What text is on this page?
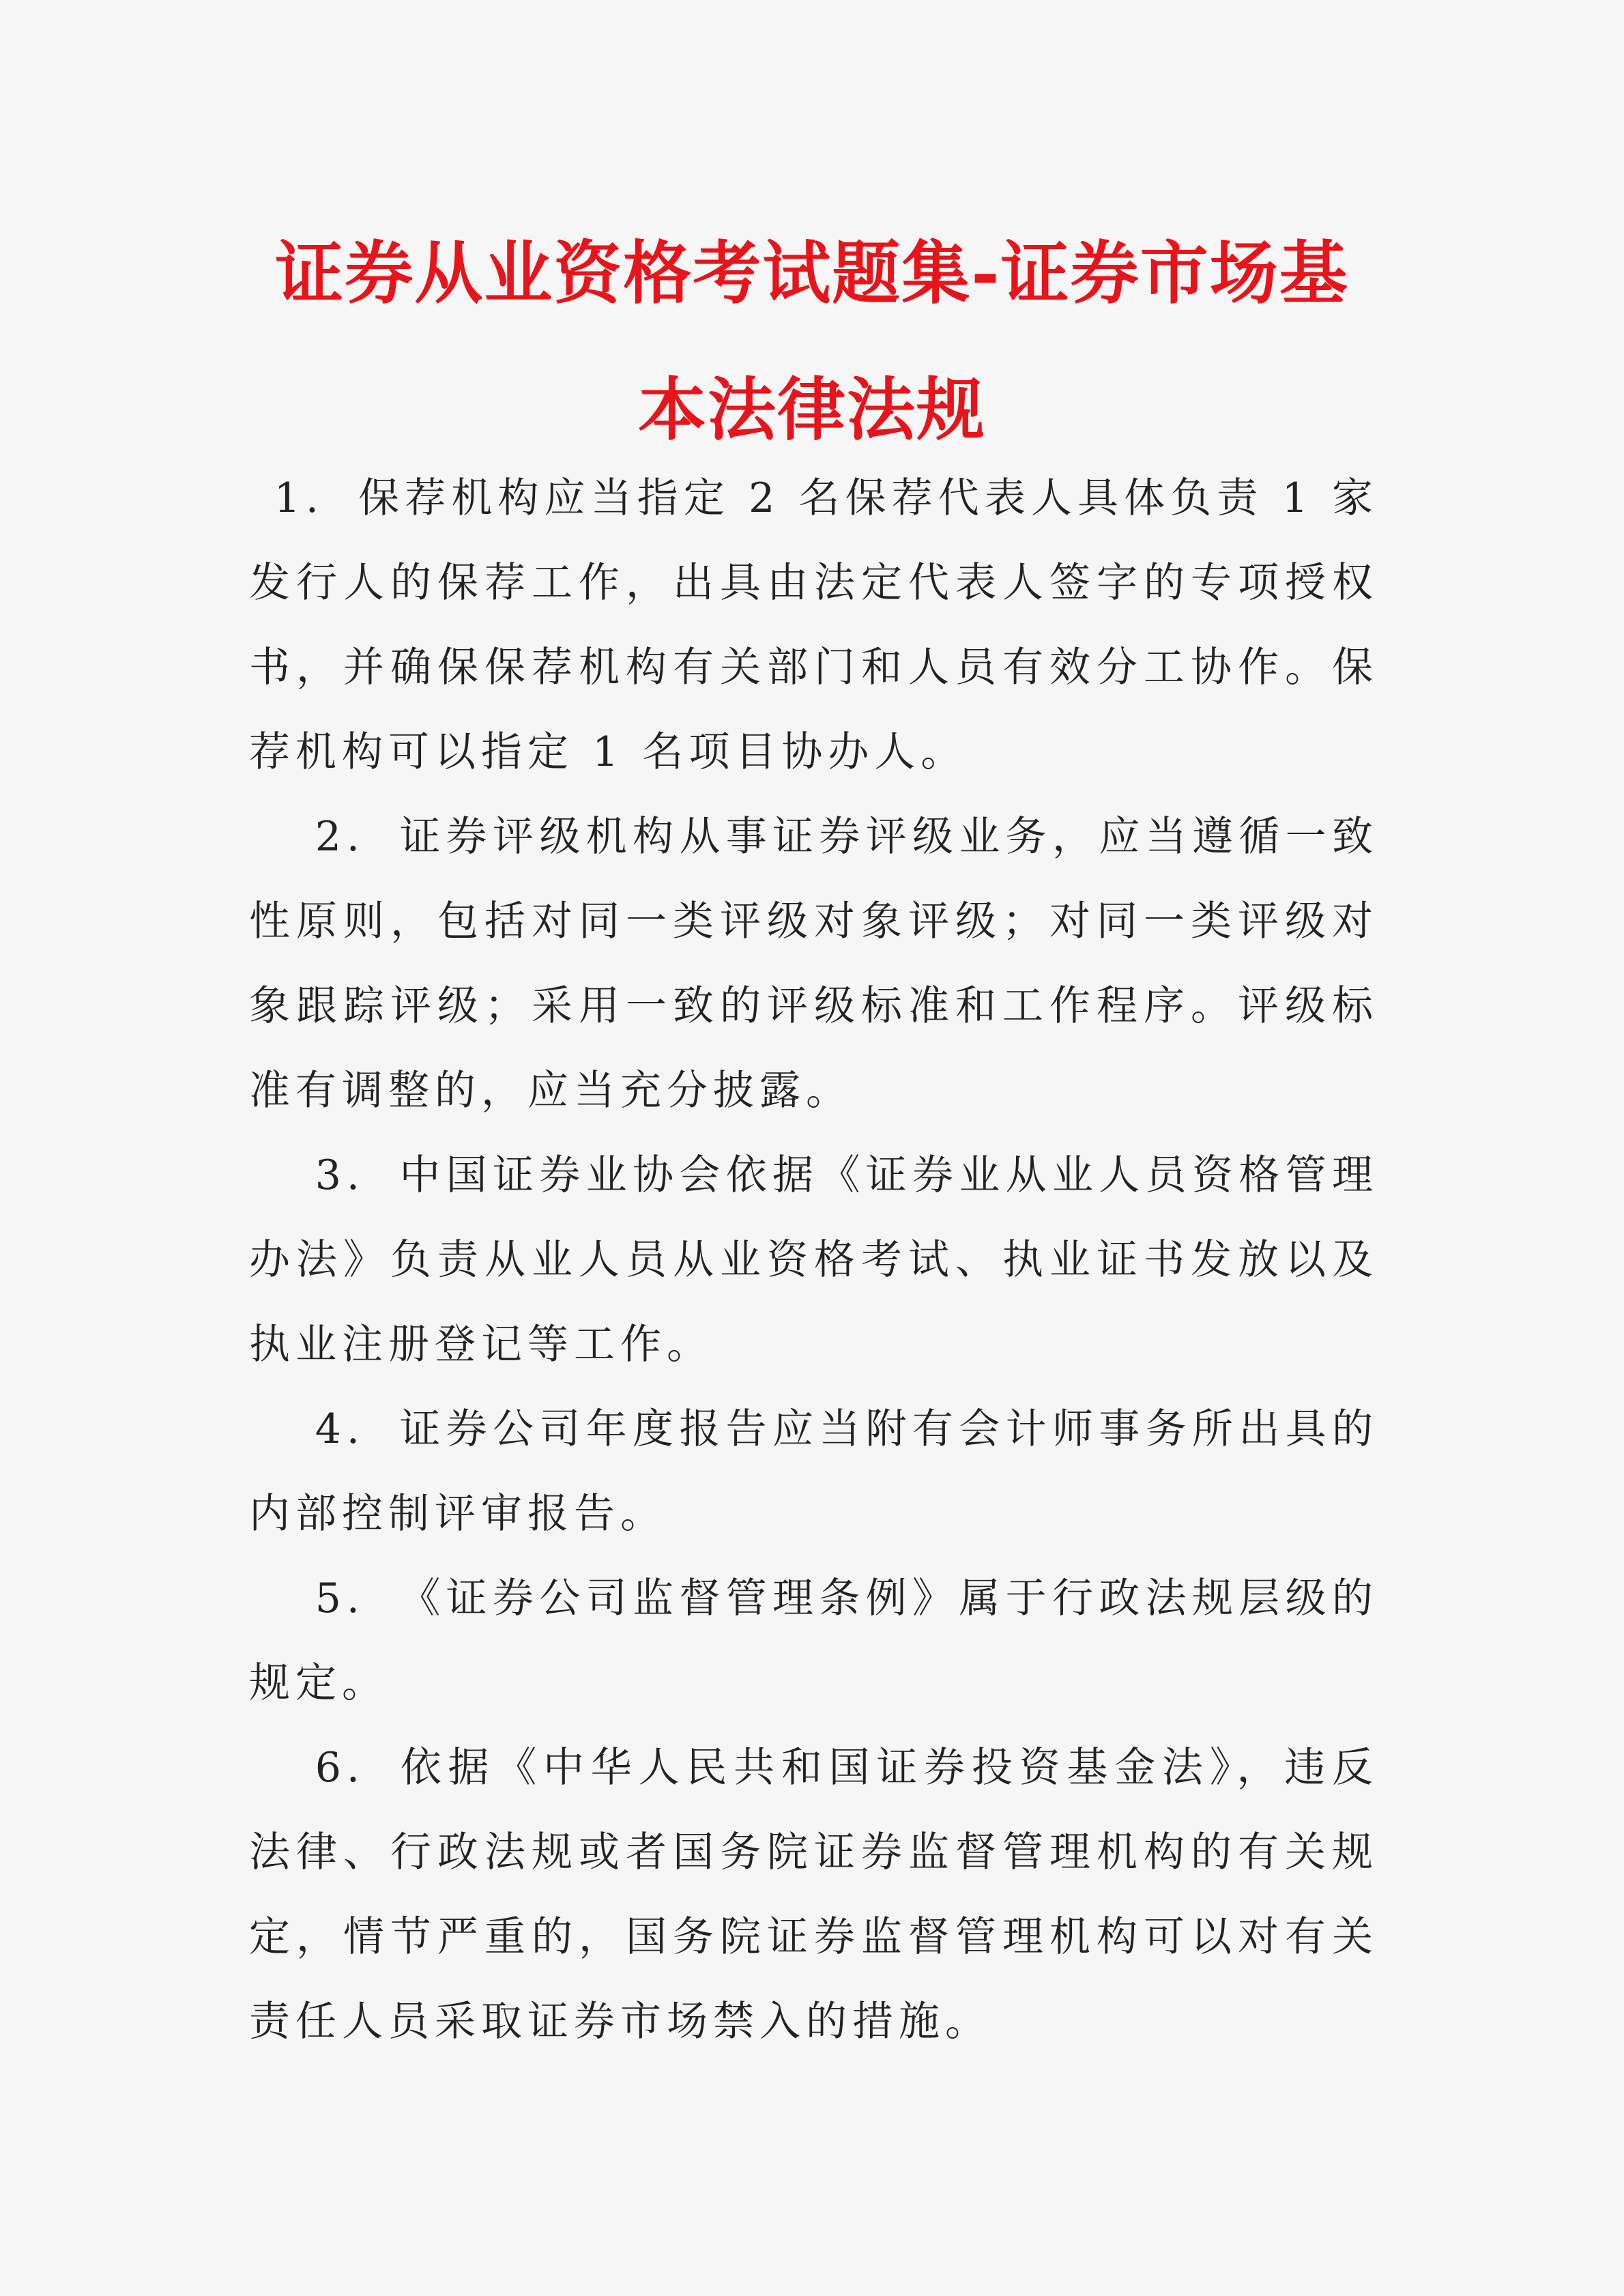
证券从业资格考试题集-证券市场基
本法律法规

1. 保荐机构应当指定 2 名保荐代表人具体负责 1 家发行人的保荐工作，出具由法定代表人签字的专项授权书，并确保保荐机构有关部门和人员有效分工协作。保荐机构可以指定 1 名项目协办人。

2. 证券评级机构从事证券评级业务，应当遵循一致性原则，包括对同一类评级对象评级；对同一类评级对象跟踪评级；采用一致的评级标准和工作程序。评级标准有调整的，应当充分披露。

3. 中国证券业协会依据《证券业从业人员资格管理办法》负责从业人员从业资格考试、执业证书发放以及执业注册登记等工作。

4. 证券公司年度报告应当附有会计师事务所出具的内部控制评审报告。

5. 《证券公司监督管理条例》属于行政法规层级的规定。

6. 依据《中华人民共和国证券投资基金法》，违反法律、行政法规或者国务院证券监督管理机构的有关规定，情节严重的，国务院证券监督管理机构可以对有关责任人员采取证券市场禁入的措施。
